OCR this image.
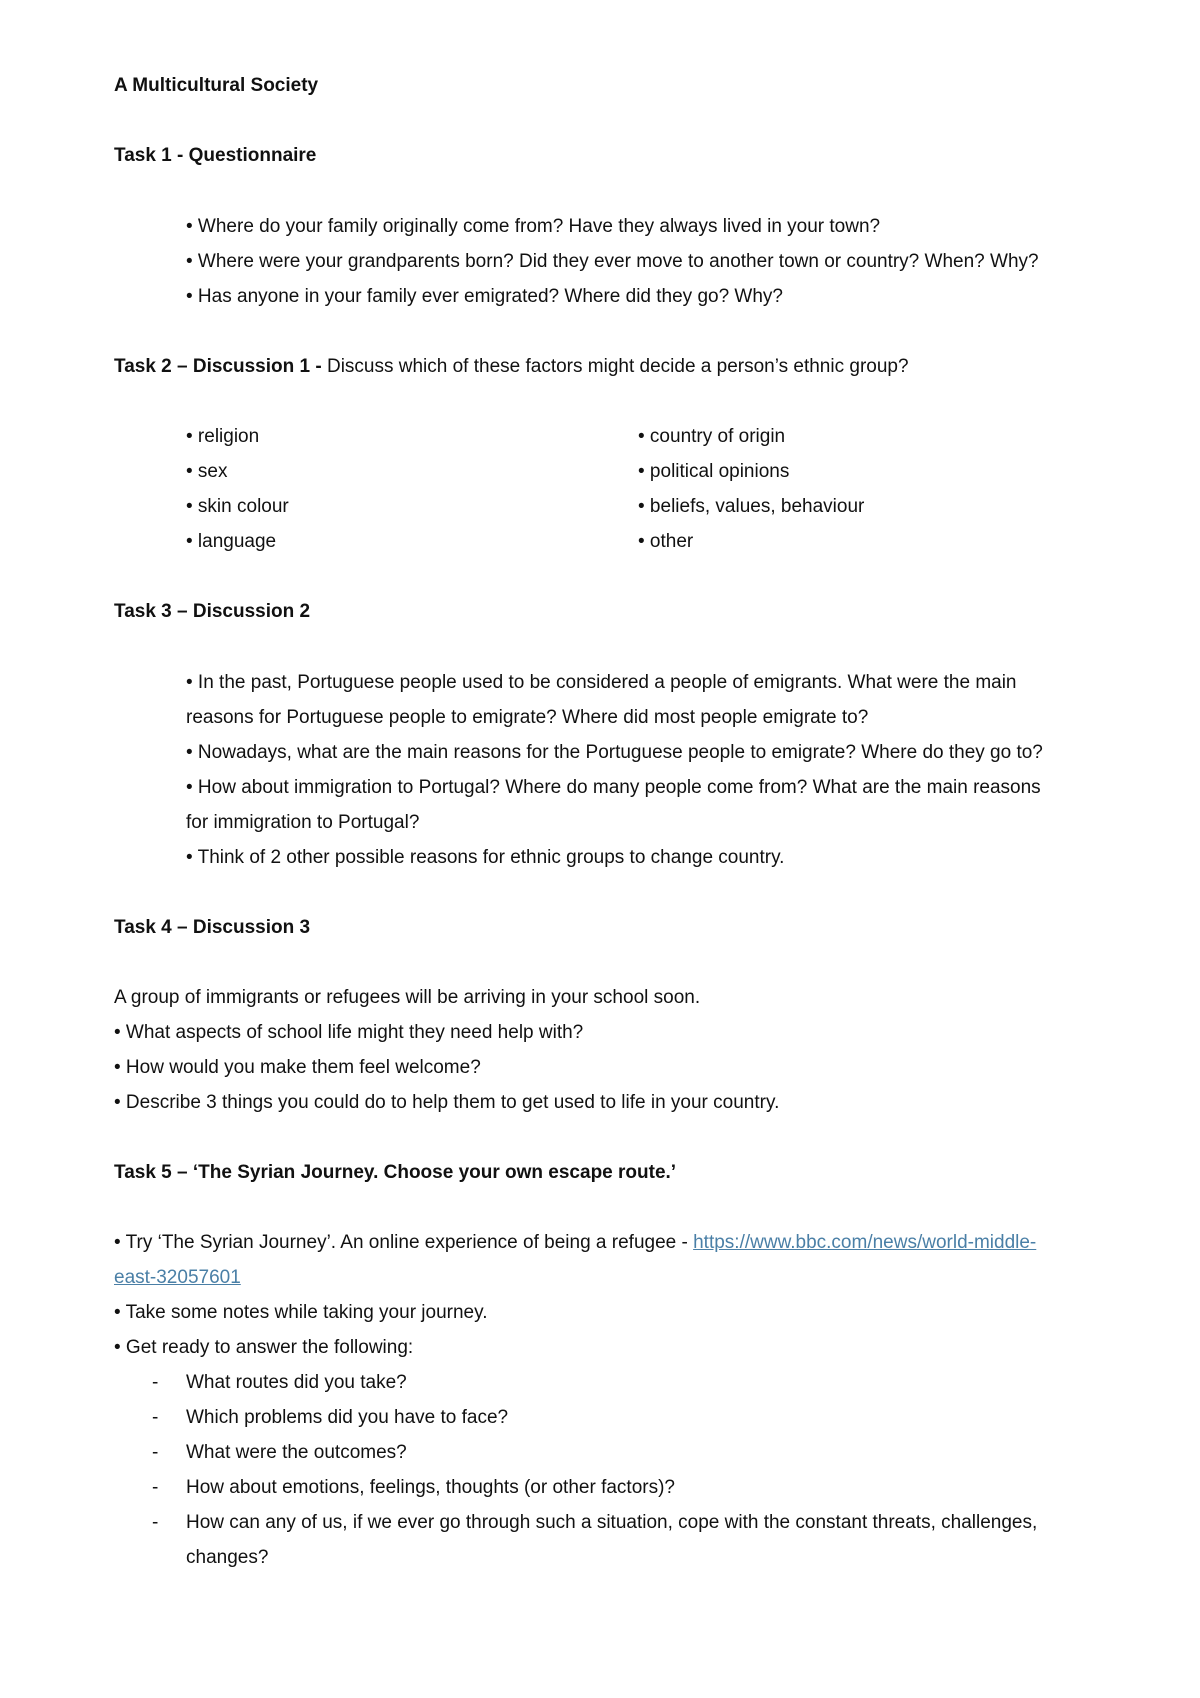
A Multicultural Society
Task 1 - Questionnaire
• Where do your family originally come from? Have they always lived in your town?
• Where were your grandparents born? Did they ever move to another town or country? When? Why?
• Has anyone in your family ever emigrated? Where did they go? Why?
Task 2 – Discussion 1 - Discuss which of these factors might decide a person’s ethnic group?
• religion
• sex
• skin colour
• language
• country of origin
• political opinions
• beliefs, values, behaviour
• other
Task 3 – Discussion 2
• In the past, Portuguese people used to be considered a people of emigrants. What were the main
reasons for Portuguese people to emigrate? Where did most people emigrate to?
• Nowadays, what are the main reasons for the Portuguese people to emigrate? Where do they go to?
• How about immigration to Portugal? Where do many people come from? What are the main reasons
for immigration to Portugal?
• Think of 2 other possible reasons for ethnic groups to change country.
Task 4 – Discussion 3
A group of immigrants or refugees will be arriving in your school soon.
• What aspects of school life might they need help with?
• How would you make them feel welcome?
• Describe 3 things you could do to help them to get used to life in your country.
Task 5 – ‘The Syrian Journey. Choose your own escape route.’
• Try ‘The Syrian Journey’. An online experience of being a refugee - https://www.bbc.com/news/world-middle-
east-32057601
• Take some notes while taking your journey.
• Get ready to answer the following:
- What routes did you take?
- Which problems did you have to face?
- What were the outcomes?
- How about emotions, feelings, thoughts (or other factors)?
- How can any of us, if we ever go through such a situation, cope with the constant threats, challenges,
changes?
